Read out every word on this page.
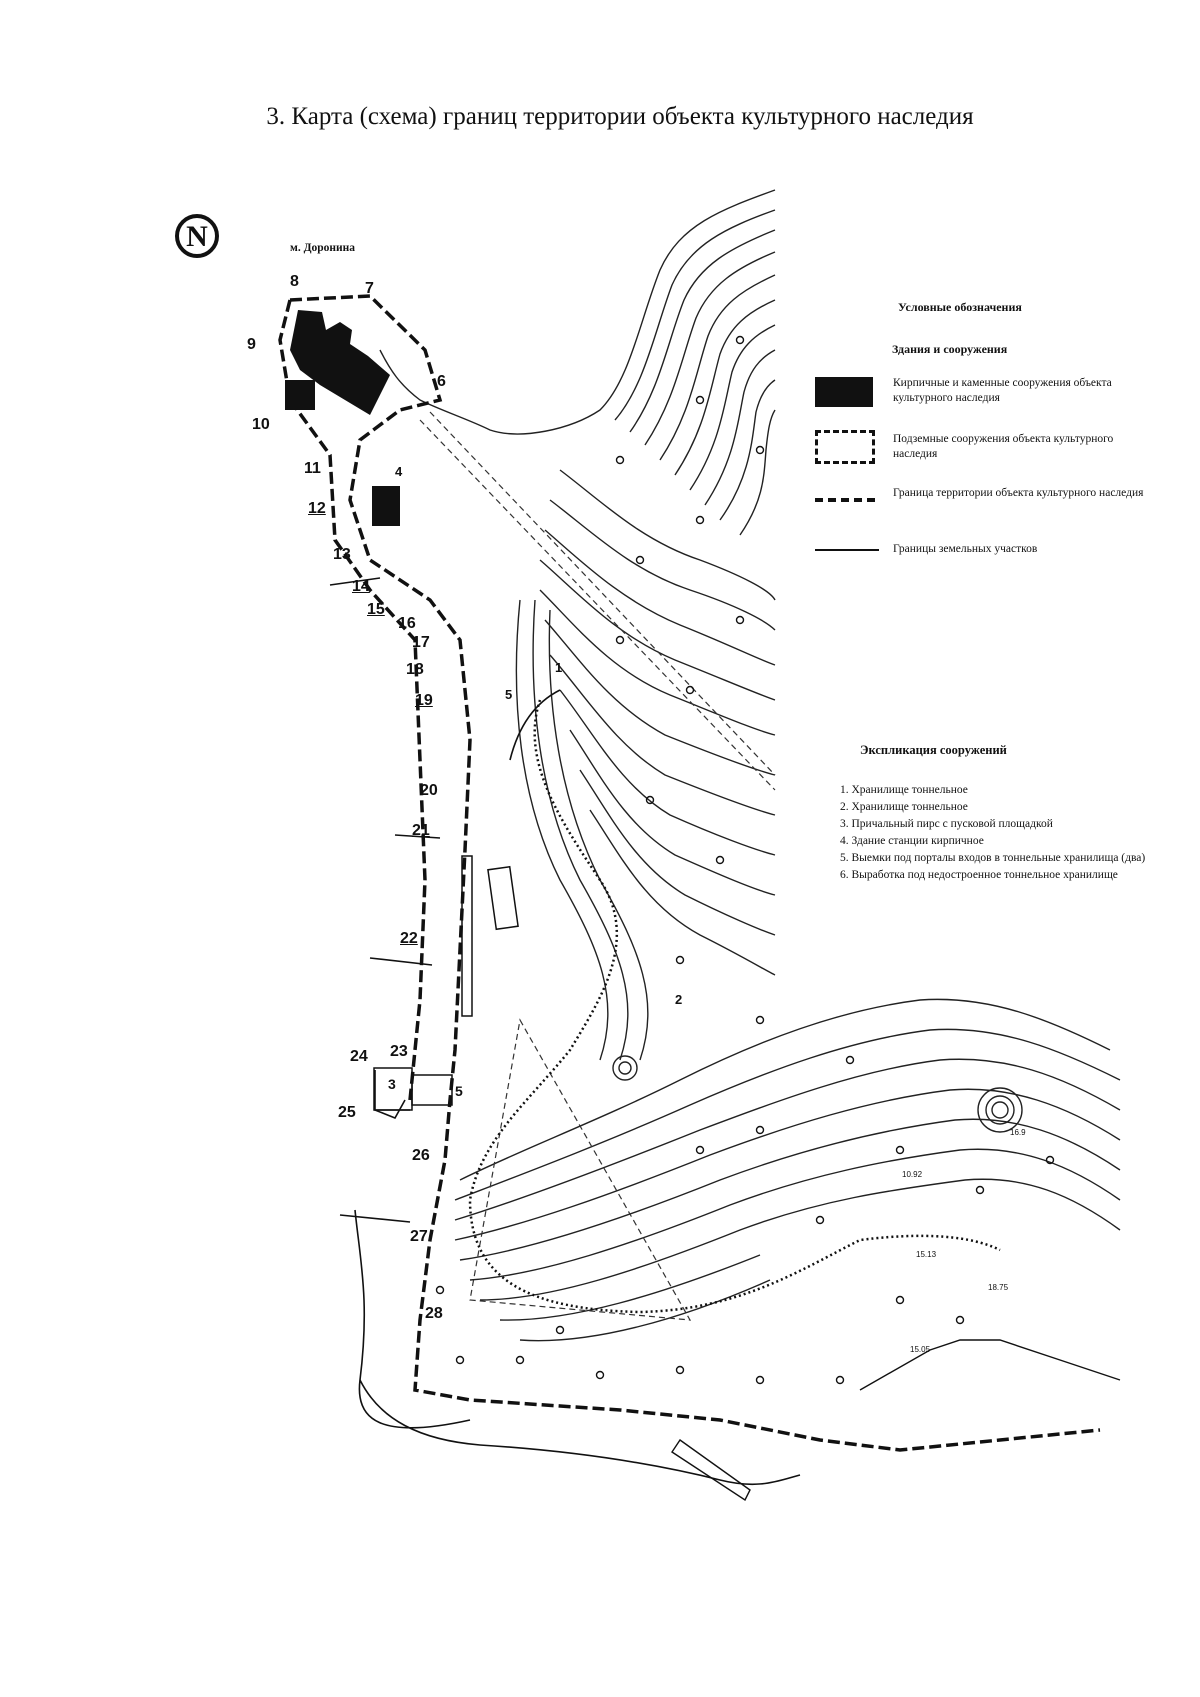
3. Карта (схема) границ территории объекта культурного наследия
N	м. Доронина
8	7
9
10
6
11
12
13
14
15
16
17
18
19
20
21
22
23
24
25
26
27
28
4
5
1
3	5
2
16.9
10.92
15.13
18.75
15.05
Условные обозначения
Здания и сооружения
Кирпичные и каменные сооружения объекта культурного наследия
Подземные сооружения объекта культурного наследия
Граница территории объекта культурного наследия
Границы земельных участков
Экспликация сооружений
1. Хранилище тоннельное
2. Хранилище тоннельное
3. Причальный пирс с пусковой площадкой
4. Здание станции кирпичное
5. Выемки под порталы входов в тоннельные хранилища (два)
6. Выработка под недостроенное тоннельное хранилище
